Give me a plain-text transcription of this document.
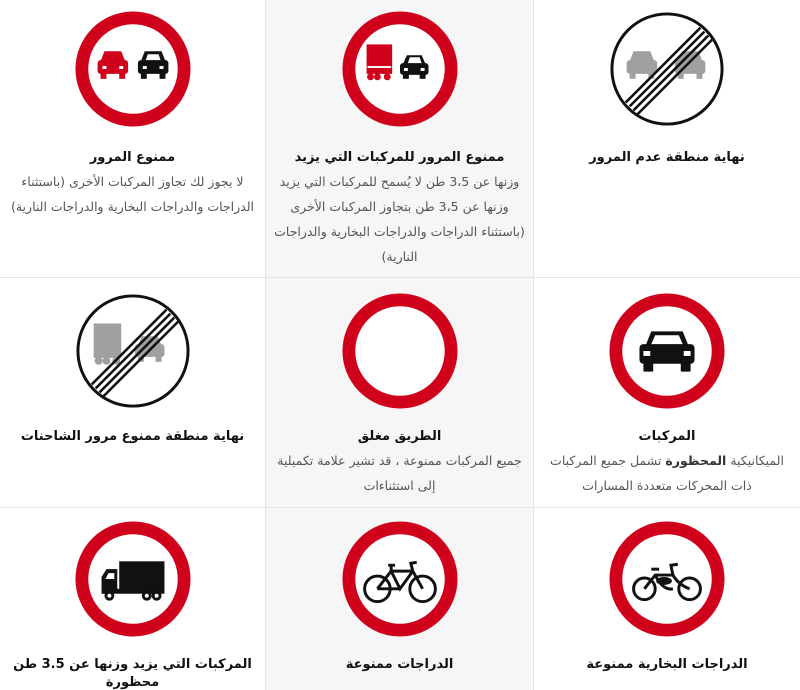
ممنوع المرور
لا يجوز لك تجاوز المركبات الأخرى (باستثناء الدراجات والدراجات البخارية والدراجات النارية)
ممنوع المرور للمركبات التي يزيد
وزنها عن 3،5 طن لا يُسمح للمركبات التي يزيد وزنها عن 3،5 طن بتجاوز المركبات الأخرى (باستثناء الدراجات والدراجات البخارية والدراجات النارية)
نهاية منطقة عدم المرور
نهاية منطقة ممنوع مرور الشاحنات	الطريق مغلق
جميع المركبات ممنوعة ، قد تشير علامة تكميلية إلى استثناءات
المركبات
الميكانيكية المحظورة تشمل جميع المركبات ذات المحركات متعددة المسارات
المركبات التي يزيد وزنها عن 3.5 طن محظورة
الدراجات ممنوعة	الدراجات البخارية ممنوعة
